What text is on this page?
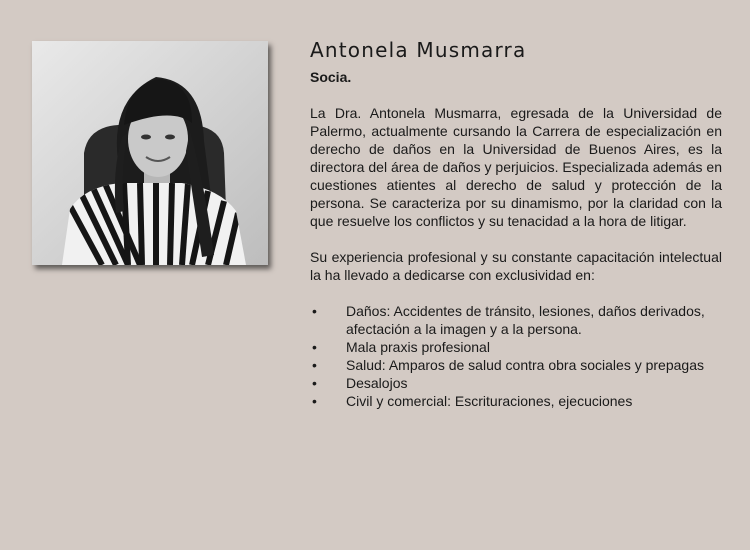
Antonela Musmarra
Socia.

La Dra. Antonela Musmarra, egresada de la Universidad de Palermo, actualmente cursando la Carrera de especialización en derecho de daños en la Universidad de Buenos Aires, es la directora del área de daños y perjuicios. Especializada además en cuestiones atientes al derecho de salud y protección de la persona. Se caracteriza por su dinamismo, por la claridad con la que resuelve los conflictos y su tenacidad a la hora de litigar.

Su experiencia profesional y su constante capacitación intelectual la ha llevado a dedicarse con exclusividad en:

• Daños: Accidentes de tránsito, lesiones, daños derivados, afectación a la imagen y a la persona.
• Mala praxis profesional
• Salud: Amparos de salud contra obra sociales y prepagas
• Desalojos
• Civil y comercial: Escrituraciones, ejecuciones
